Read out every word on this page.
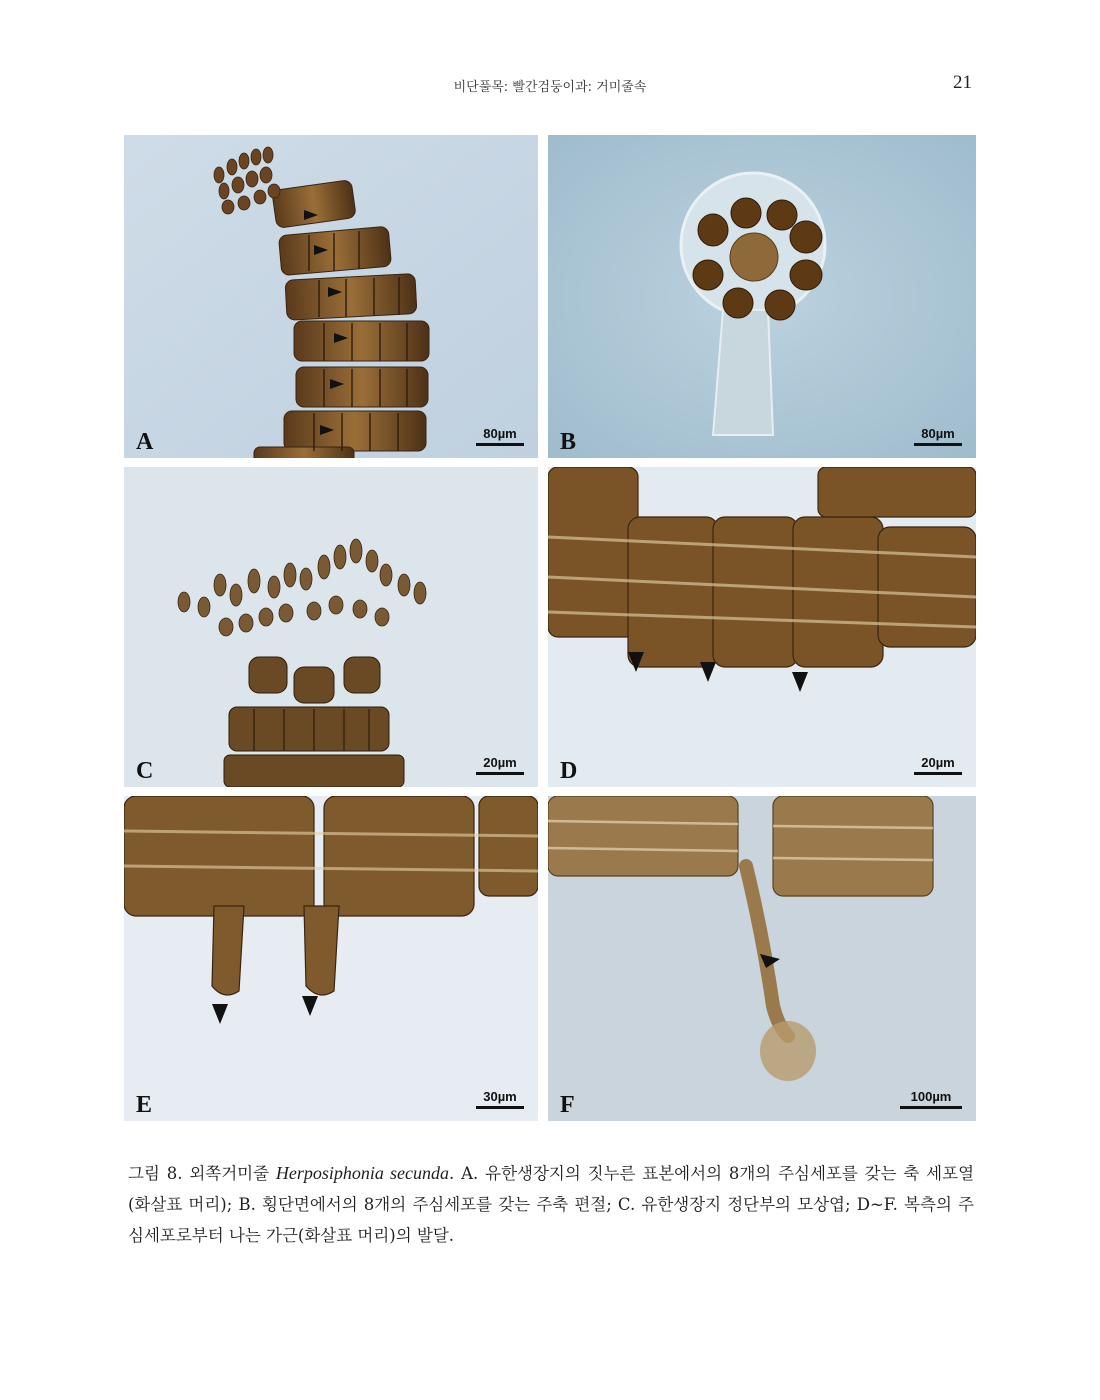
비단풀목: 빨간검둥이과: 거미줄속	21
A	80µm	B	80µm
C	20µm	D	20µm
E	30µm	F	100µm
그림 8. 외쪽거미줄 Herposiphonia secunda. A. 유한생장지의 짓누른 표본에서의 8개의 주심세포를 갖는 축 세포열(화살표 머리); B. 횡단면에서의 8개의 주심세포를 갖는 주축 편절; C. 유한생장지 정단부의 모상엽; D~F. 복측의 주심세포로부터 나는 가근(화살표 머리)의 발달.
